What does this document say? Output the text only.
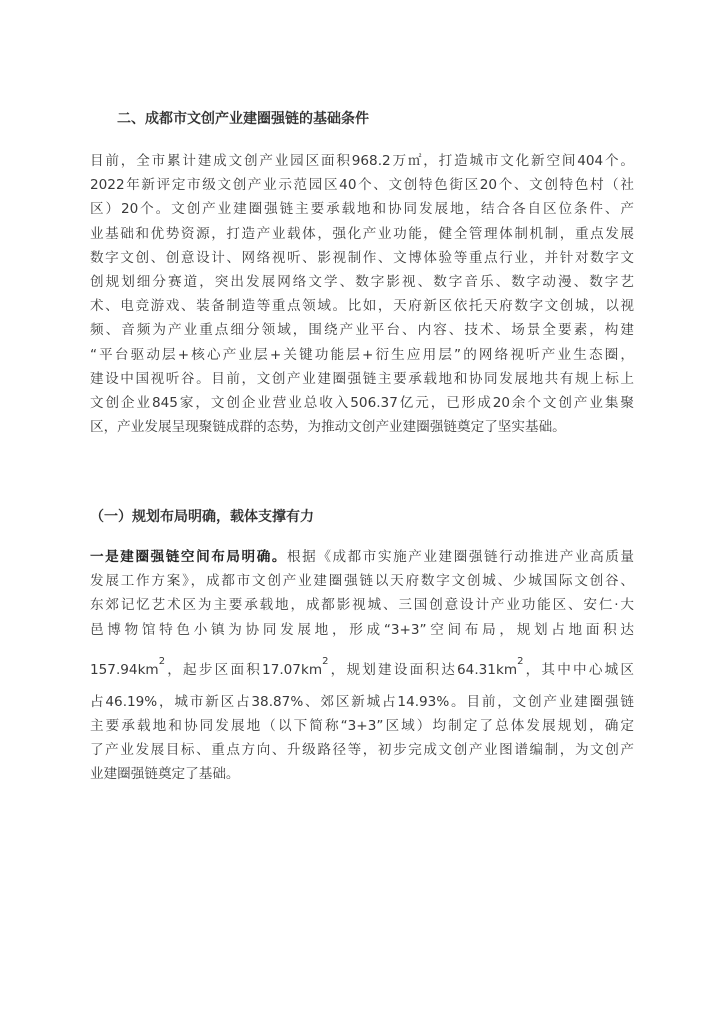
二、成都市文创产业建圈强链的基础条件
目前，全市累计建成文创产业园区面积968.2万㎡，打造城市文化新空间404个。
2022年新评定市级文创产业示范园区40个、文创特色街区20个、文创特色村（社
区）20个。文创产业建圈强链主要承载地和协同发展地，结合各自区位条件、产
业基础和优势资源，打造产业载体，强化产业功能，健全管理体制机制，重点发展
数字文创、创意设计、网络视听、影视制作、文博体验等重点行业，并针对数字文
创规划细分赛道，突出发展网络文学、数字影视、数字音乐、数字动漫、数字艺
术、电竞游戏、装备制造等重点领域。比如，天府新区依托天府数字文创城，以视
频、音频为产业重点细分领域，围绕产业平台、内容、技术、场景全要素，构建
“平台驱动层+核心产业层+关键功能层+衍生应用层”的网络视听产业生态圈，
建设中国视听谷。目前，文创产业建圈强链主要承载地和协同发展地共有规上标上
文创企业845家，文创企业营业总收入506.37亿元，已形成20余个文创产业集聚
区，产业发展呈现聚链成群的态势，为推动文创产业建圈强链奠定了坚实基础。
（一）规划布局明确，载体支撑有力
一是建圈强链空间布局明确。根据《成都市实施产业建圈强链行动推进产业高质量
发展工作方案》，成都市文创产业建圈强链以天府数字文创城、少城国际文创谷、
东郊记忆艺术区为主要承载地，成都影视城、三国创意设计产业功能区、安仁·大
邑博物馆特色小镇为协同发展地，形成“3+3”空间布局，规划占地面积达
$157.94km^2$，起步区面积$17.07km^2$，规划建设面积达$64.31km^2$，其中中心城区
占46.19%，城市新区占38.87%、郊区新城占14.93%。目前，文创产业建圈强链
主要承载地和协同发展地（以下简称“3+3”区域）均制定了总体发展规划，确定
了产业发展目标、重点方向、升级路径等，初步完成文创产业图谱编制，为文创产
业建圈强链奠定了基础。
